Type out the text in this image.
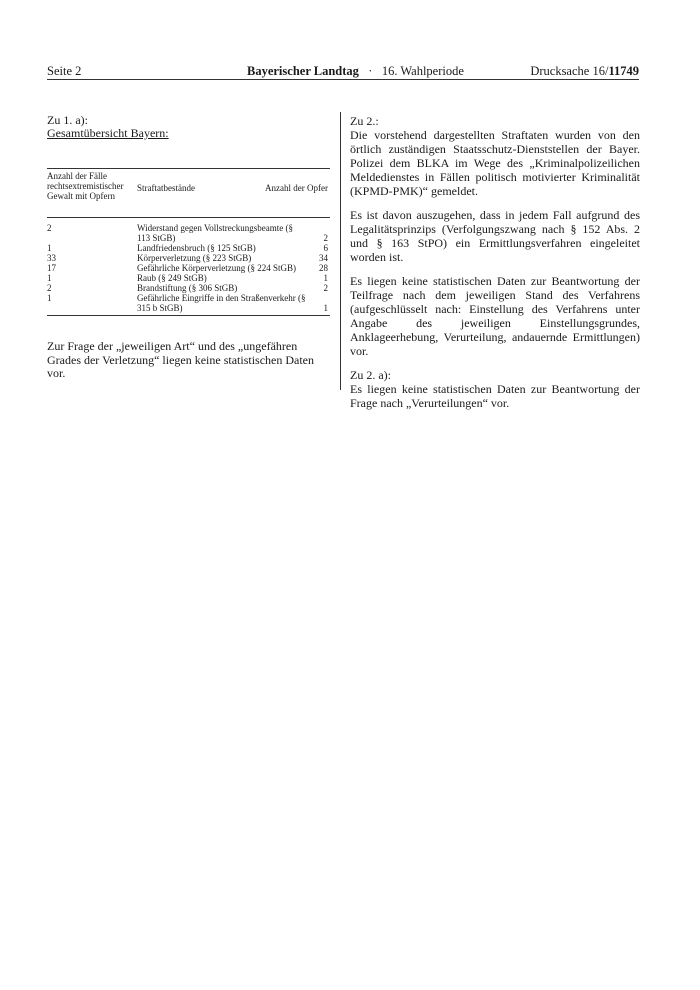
Seite 2	Bayerischer Landtag · 16. Wahlperiode	Drucksache 16/11749

Zu 1. a):

Gesamtübersicht Bayern:

Anzahl der Fälle rechtsextremistischer Gewalt mit Opfern
Straftatbestände	Anzahl der Opfer
2	Widerstand gegen Vollstreckungsbeamte (§ 113 StGB)	2
1	Landfriedensbruch (§ 125 StGB)	6
33	Körperverletzung (§ 223 StGB)	34
17	Gefährliche Körperverletzung (§ 224 StGB)	28
1	Raub (§ 249 StGB)	1
2	Brandstiftung (§ 306 StGB)	2
1	Gefährliche Eingriffe in den Straßenverkehr (§ 315 b StGB)	1

Zur Frage der „jeweiligen Art“ und des „ungefähren Grades der Verletzung“ liegen keine statistischen Daten vor.

Zu 2.:

Die vorstehend dargestellten Straftaten wurden von den örtlich zuständigen Staatsschutz-Dienststellen der Bayer. Polizei dem BLKA im Wege des „Kriminalpolizeilichen Meldedienstes in Fällen politisch motivierter Kriminalität (KPMD-PMK)“ gemeldet.

Es ist davon auszugehen, dass in jedem Fall aufgrund des Legalitätsprinzips (Verfolgungszwang nach § 152 Abs. 2 und § 163 StPO) ein Ermittlungsverfahren eingeleitet worden ist.

Es liegen keine statistischen Daten zur Beantwortung der Teilfrage nach dem jeweiligen Stand des Verfahrens (aufgeschlüsselt nach: Einstellung des Verfahrens unter Angabe des jeweiligen Einstellungsgrundes, Anklageerhebung, Verurteilung, andauernde Ermittlungen) vor.

Zu 2. a):

Es liegen keine statistischen Daten zur Beantwortung der Frage nach „Verurteilungen“ vor.
